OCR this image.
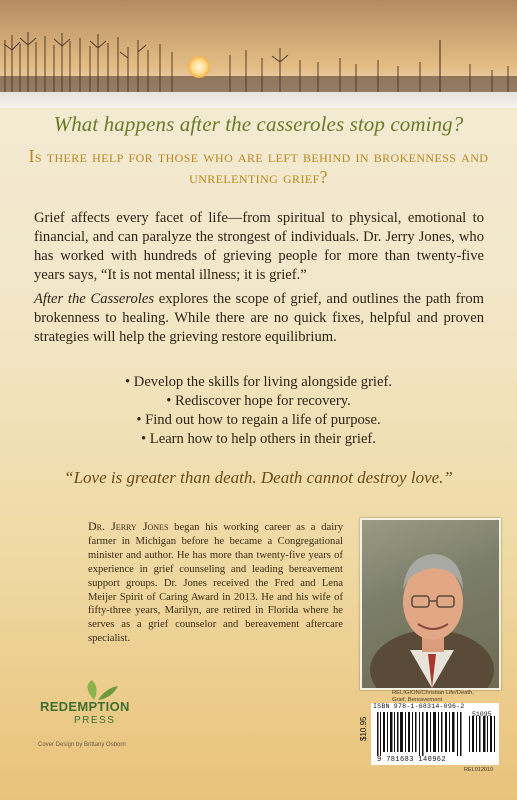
What happens after the casseroles stop coming?
Is there help for those who are left behind in brokenness and unrelenting grief?
Grief affects every facet of life—from spiritual to physical, emotional to financial, and can paralyze the strongest of individuals. Dr. Jerry Jones, who has worked with hundreds of grieving people for more than twenty-five years says, “It is not mental illness; it is grief.”
After the Casseroles explores the scope of grief, and outlines the path from brokenness to healing. While there are no quick fixes, helpful and proven strategies will help the grieving restore equilibrium.
• Develop the skills for living alongside grief.
• Rediscover hope for recovery.
• Find out how to regain a life of purpose.
• Learn how to help others in their grief.
“Love is greater than death. Death cannot destroy love.”
Dr. Jerry Jones began his working career as a dairy farmer in Michigan before he became a Congregational minister and author. He has more than twenty-five years of experience in grief counseling and leading bereavement support groups. Dr. Jones received the Fred and Lena Meijer Spirit of Caring Award in 2013. He and his wife of fifty-three years, Marilyn, are retired in Florida where he serves as a grief counselor and bereavement aftercare specialist.
RELIGION/Christian Life/Death,
Grief, Bereavement
REDEMPTION
PRESS
Cover Design by Brittany Osborn
ISBN 978-1-68314-096-2
$10.95
51095
9 781683 140962
REL012010
